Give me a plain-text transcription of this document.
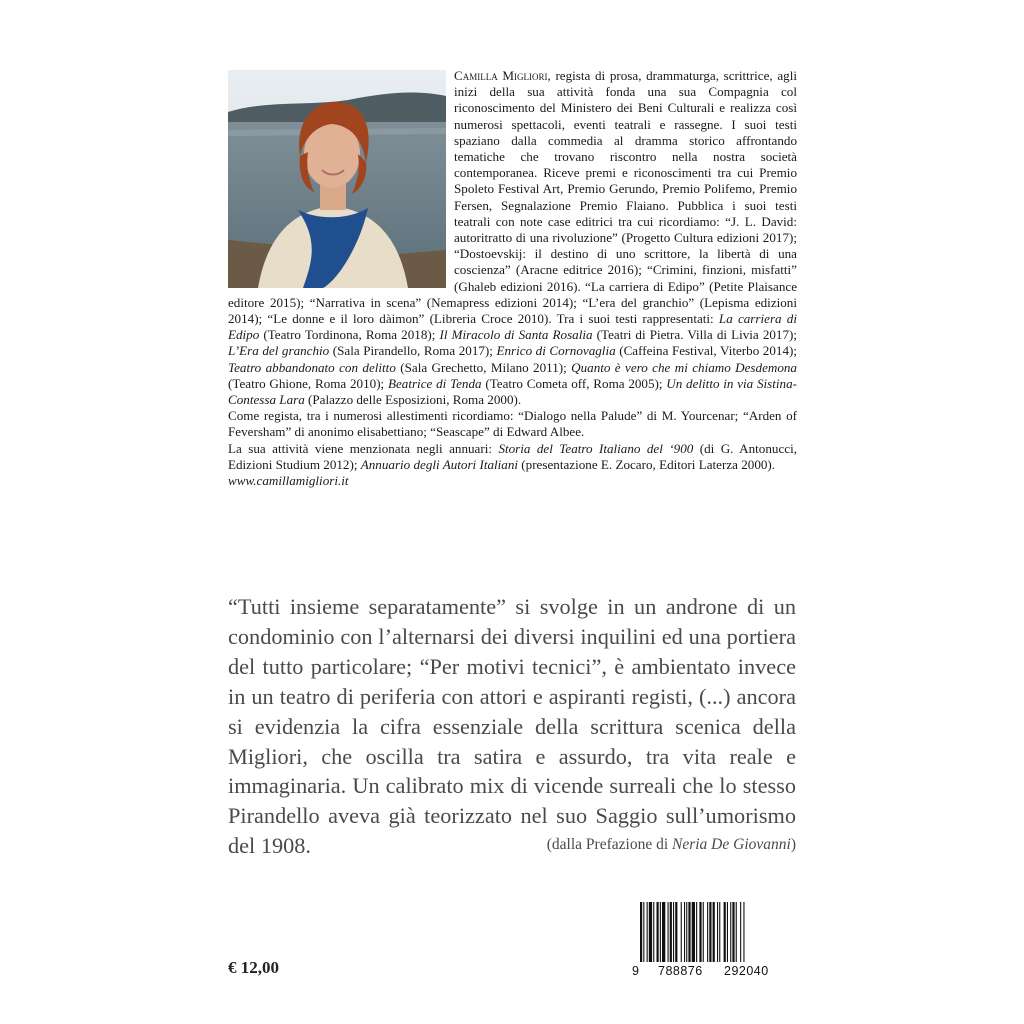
Camilla Migliori, regista di prosa, drammaturga, scrittrice, agli inizi della sua attività fonda una sua Compagnia col riconoscimento del Ministero dei Beni Culturali e realizza così numerosi spettacoli, eventi teatrali e rassegne. I suoi testi spaziano dalla commedia al dramma storico affrontando tematiche che trovano riscontro nella nostra società contemporanea. Riceve premi e riconoscimenti tra cui Premio Spoleto Festival Art, Premio Gerundo, Premio Polifemo, Premio Fersen, Segnalazione Premio Flaiano. Pubblica i suoi testi teatrali con note case editrici tra cui ricordiamo: “J. L. David: autoritratto di una rivoluzione” (Progetto Cultura edizioni 2017); “Dostoevskij: il destino di uno scrittore, la libertà di una coscienza” (Aracne editrice 2016); “Crimini, finzioni, misfatti” (Ghaleb edizioni 2016). “La carriera di Edipo” (Petite Plaisance editore 2015); “Narrativa in scena” (Nemapress edizioni 2014); “L’era del granchio” (Lepisma edizioni 2014); “Le donne e il loro dàimon” (Libreria Croce 2010). Tra i suoi testi rappresentati: La carriera di Edipo (Teatro Tordinona, Roma 2018); Il Miracolo di Santa Rosalia (Teatri di Pietra. Villa di Livia 2017); L’Era del granchio (Sala Pirandello, Roma 2017); Enrico di Cornovaglia (Caffeina Festival, Viterbo 2014); Teatro abbandonato con delitto (Sala Grechetto, Milano 2011); Quanto è vero che mi chiamo Desdemona (Teatro Ghione, Roma 2010); Beatrice di Tenda (Teatro Cometa off, Roma 2005); Un delitto in via Sistina-Contessa Lara (Palazzo delle Esposizioni, Roma 2000).

Come regista, tra i numerosi allestimenti ricordiamo: “Dialogo nella Palude” di M. Yourcenar; “Arden of Feversham” di anonimo elisabettiano; “Seascape” di Edward Albee.

La sua attività viene menzionata negli annuari: Storia del Teatro Italiano del ‘900 (di G. Antonucci, Edizioni Studium 2012); Annuario degli Autori Italiani (presentazione E. Zocaro, Editori Laterza 2000).

www.camillamigliori.it

“Tutti insieme separatamente” si svolge in un androne di un condominio con l’alternarsi dei diversi inquilini ed una portiera del tutto particolare; “Per motivi tecnici”, è ambientato invece in un teatro di periferia con attori e aspiranti registi, (...) ancora si evidenzia la cifra essenziale della scrittura scenica della Migliori, che oscilla tra satira e assurdo, tra vita reale e immaginaria. Un calibrato mix di vicende surreali che lo stesso Pirandello aveva già teorizzato nel suo Saggio sull’umorismo del 1908.	(dalla Prefazione di Neria De Giovanni)
€ 12,00	9 788876 292040
